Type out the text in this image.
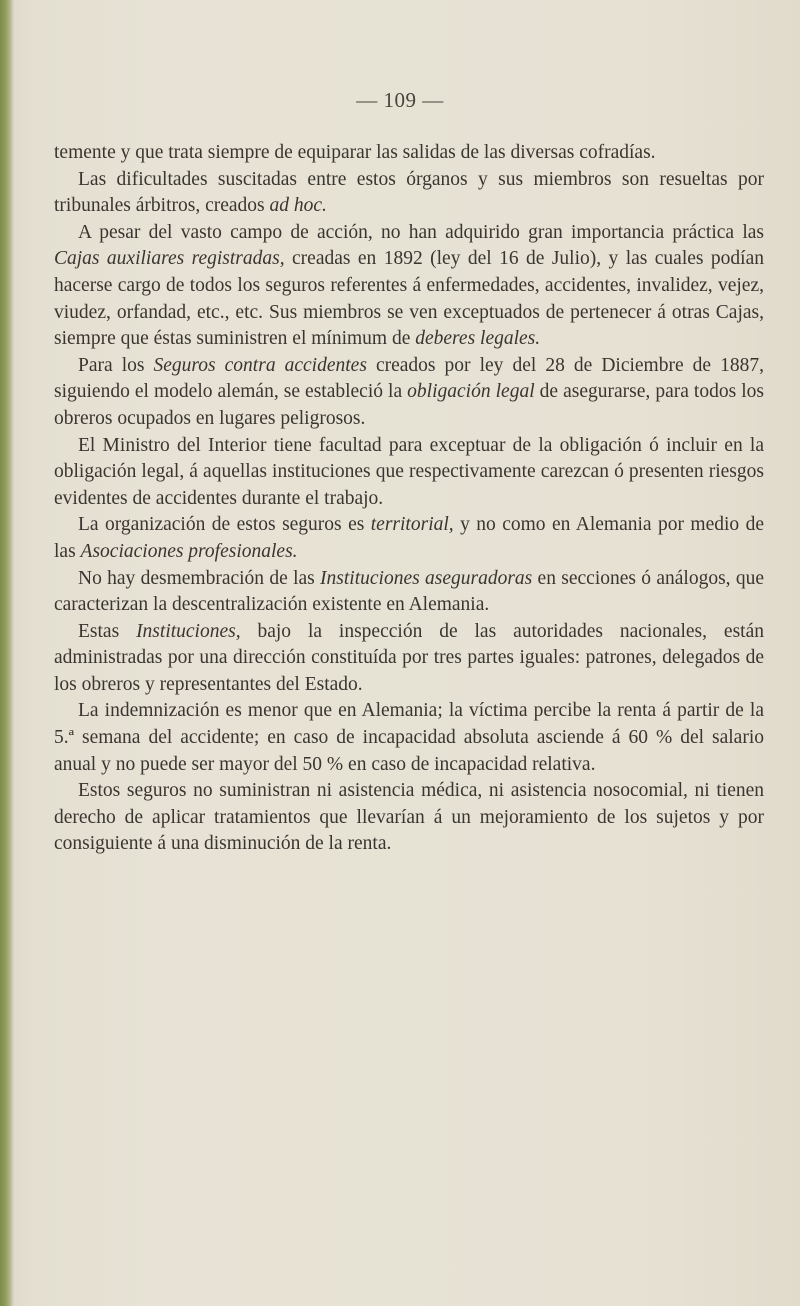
— 109 —

temente y que trata siempre de equiparar las salidas de las diversas cofradías.

Las dificultades suscitadas entre estos órganos y sus miembros son resueltas por tribunales árbitros, creados ad hoc.

A pesar del vasto campo de acción, no han adquirido gran importancia práctica las Cajas auxiliares registradas, creadas en 1892 (ley del 16 de Julio), y las cuales podían hacerse cargo de todos los seguros referentes á enfermedades, accidentes, invalidez, vejez, viudez, orfandad, etc., etc. Sus miembros se ven exceptuados de pertenecer á otras Cajas, siempre que éstas suministren el mínimum de deberes legales.

Para los Seguros contra accidentes creados por ley del 28 de Diciembre de 1887, siguiendo el modelo alemán, se estableció la obligación legal de asegurarse, para todos los obreros ocupados en lugares peligrosos.

El Ministro del Interior tiene facultad para exceptuar de la obligación ó incluir en la obligación legal, á aquellas instituciones que respectivamente carezcan ó presenten riesgos evidentes de accidentes durante el trabajo.

La organización de estos seguros es territorial, y no como en Alemania por medio de las Asociaciones profesionales.

No hay desmembración de las Instituciones aseguradoras en secciones ó análogos, que caracterizan la descentralización existente en Alemania.

Estas Instituciones, bajo la inspección de las autoridades nacionales, están administradas por una dirección constituída por tres partes iguales: patrones, delegados de los obreros y representantes del Estado.

La indemnización es menor que en Alemania; la víctima percibe la renta á partir de la 5.ª semana del accidente; en caso de incapacidad absoluta asciende á 60 % del salario anual y no puede ser mayor del 50 % en caso de incapacidad relativa.

Estos seguros no suministran ni asistencia médica, ni asistencia nosocomial, ni tienen derecho de aplicar tratamientos que llevarían á un mejoramiento de los sujetos y por consiguiente á una disminución de la renta.
